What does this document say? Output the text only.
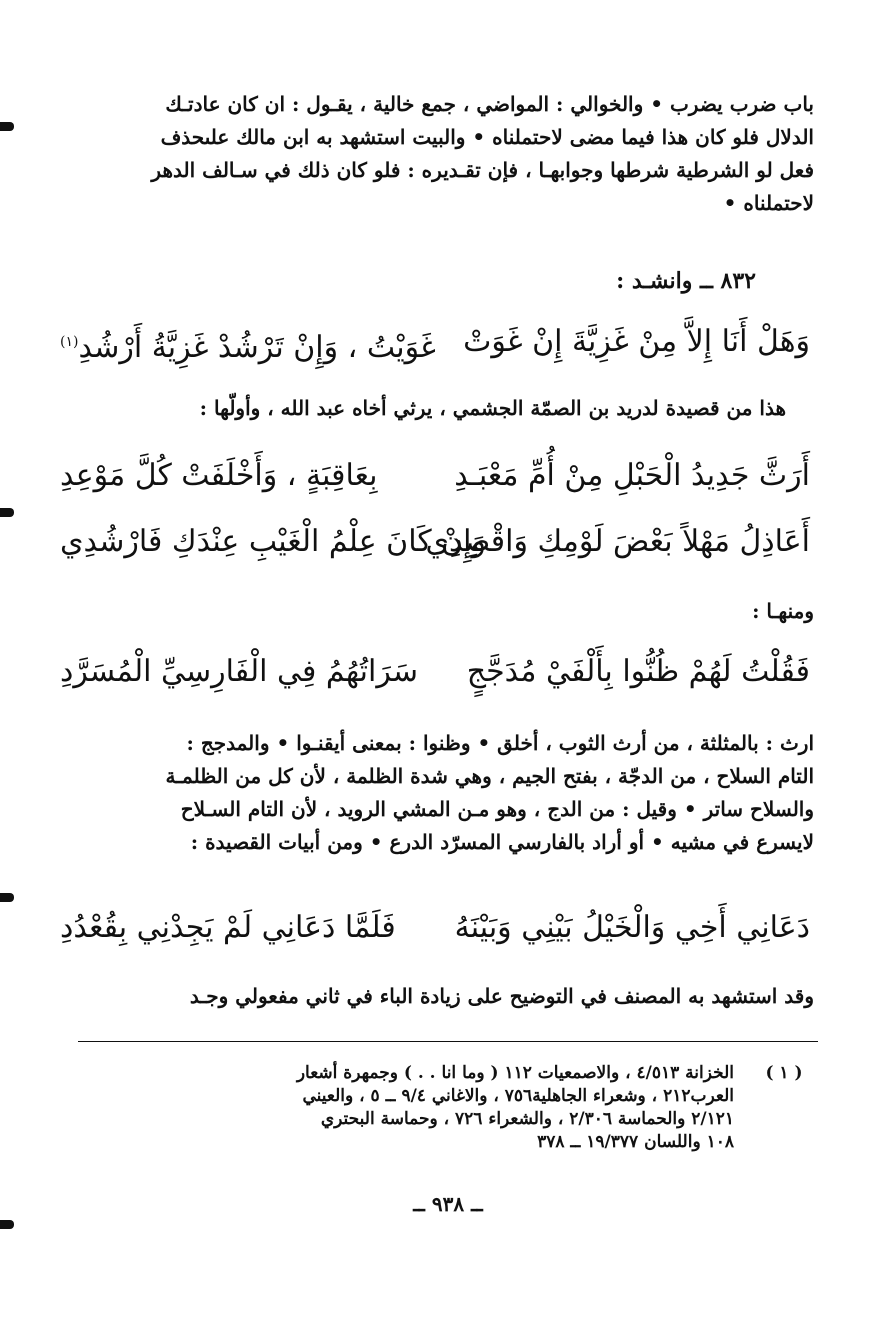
باب ضرب يضرب • والخوالي : المواضي ، جمع خالية ، يقـول : ان كان عادتـك
الدلال فلو كان هذا فيما مضى لاحتملناه • والبيت استشهد به ابن مالك علىحذف
فعل لو الشرطية شرطها وجوابهـا ، فإن تقـديره : فلو كان ذلك في سـالف الدهر
لاحتملناه •
٨٣٢ ــ وانشـد :
وَهَلْ أَنَا إِلاَّ مِنْ غَزِيَّةَ إِنْ غَوَتْ
غَوَيْتُ ، وَإِنْ تَرْشُدْ غَزِيَّةُ أَرْشُدِ$^{(١)}$
هذا من قصيدة لدريد بن الصمّة الجشمي ، يرثي أخاه عبد الله ، وأولّها :
أَرَثَّ جَدِيدُ الْحَبْلِ مِنْ أُمِّ مَعْبَـدِ
بِعَاقِبَةٍ ، وَأَخْلَفَتْ كُلَّ مَوْعِدِ
أَعَاذِلُ مَهْلاً بَعْضَ لَوْمِكِ وَاقْصِدِي
وَإِنْ كَانَ عِلْمُ الْغَيْبِ عِنْدَكِ فَارْشُدِي
ومنهـا :
فَقُلْتُ لَهُمْ ظُنُّوا بِأَلْفَيْ مُدَجَّجٍ
سَرَاتُهُمُ فِي الْفَارِسِيِّ الْمُسَرَّدِ
ارث : بالمثلثة ، من أرث الثوب ، أخلق • وظنوا : بمعنى أيقنـوا • والمدجج :
التام السلاح ، من الدجّة ، بفتح الجيم ، وهي شدة الظلمة ، لأن كل من الظلمـة
والسلاح ساتر • وقيل : من الدج ، وهو مـن المشي الرويد ، لأن التام السـلاح
لايسرع في مشيه • أو أراد بالفارسي المسرّد الدرع • ومن أبيات القصيدة :
دَعَانِي أَخِي وَالْخَيْلُ بَيْنِي وَبَيْنَهُ
فَلَمَّا دَعَانِي لَمْ يَجِدْنِي بِقُعْدُدِ
وقد استشهد به المصنف في التوضيح على زيادة الباء في ثاني مفعولي وجـد
( ١ )
الخزانة ٤/٥١٣ ، والاصمعيات ١١٢ ( وما انا . . ) وجمهرة أشعار
العرب٢١٢ ، وشعراء الجاهلية٧٥٦ ، والاغاني ٩/٤ ــ ٥ ، والعيني
٢/١٢١ والحماسة ٢/٣٠٦ ، والشعراء ٧٢٦ ، وحماسة البحتري
١٠٨ واللسان ١٩/٣٧٧ ــ ٣٧٨
ــ ٩٣٨ ــ
